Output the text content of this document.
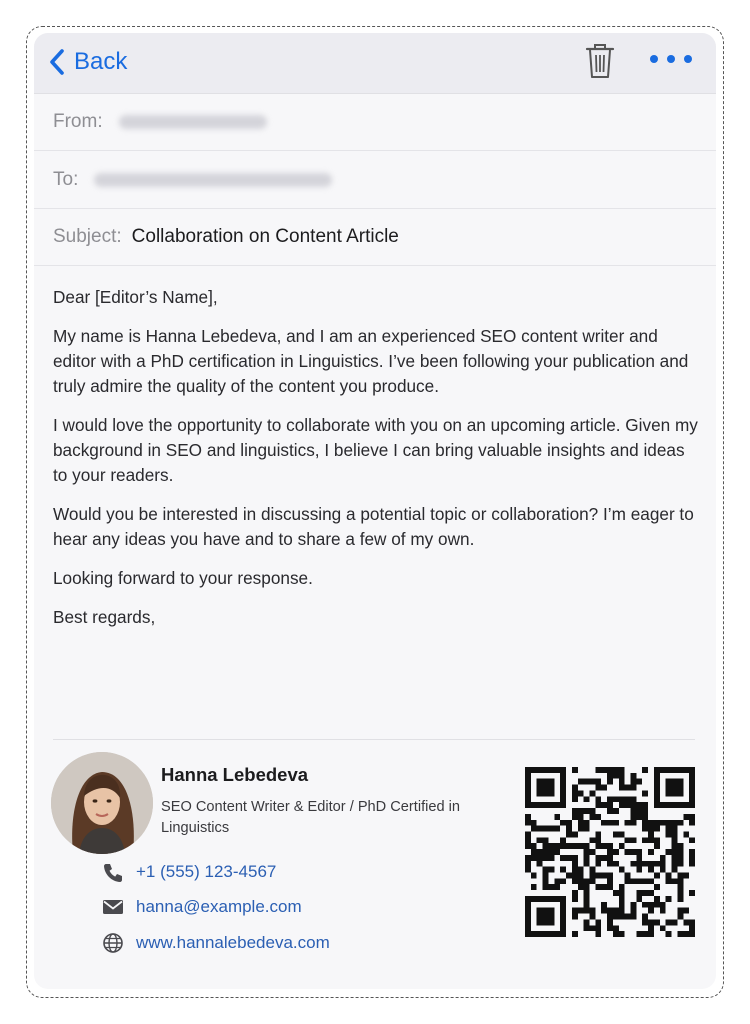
Back
From:
To:
Subject: Collaboration on Content Article

Dear [Editor’s Name],

My name is Hanna Lebedeva, and I am an experienced SEO content writer and editor with a PhD certification in Linguistics. I’ve been following your publication and truly admire the quality of the content you produce.

I would love the opportunity to collaborate with you on an upcoming article. Given my background in SEO and linguistics, I believe I can bring valuable insights and ideas to your readers.

Would you be interested in discussing a potential topic or collaboration? I’m eager to hear any ideas you have and to share a few of my own.

Looking forward to your response.

Best regards,

Hanna Lebedeva
SEO Content Writer & Editor / PhD Certified in Linguistics
+1 (555) 123-4567
hanna@example.com
www.hannalebedeva.com
